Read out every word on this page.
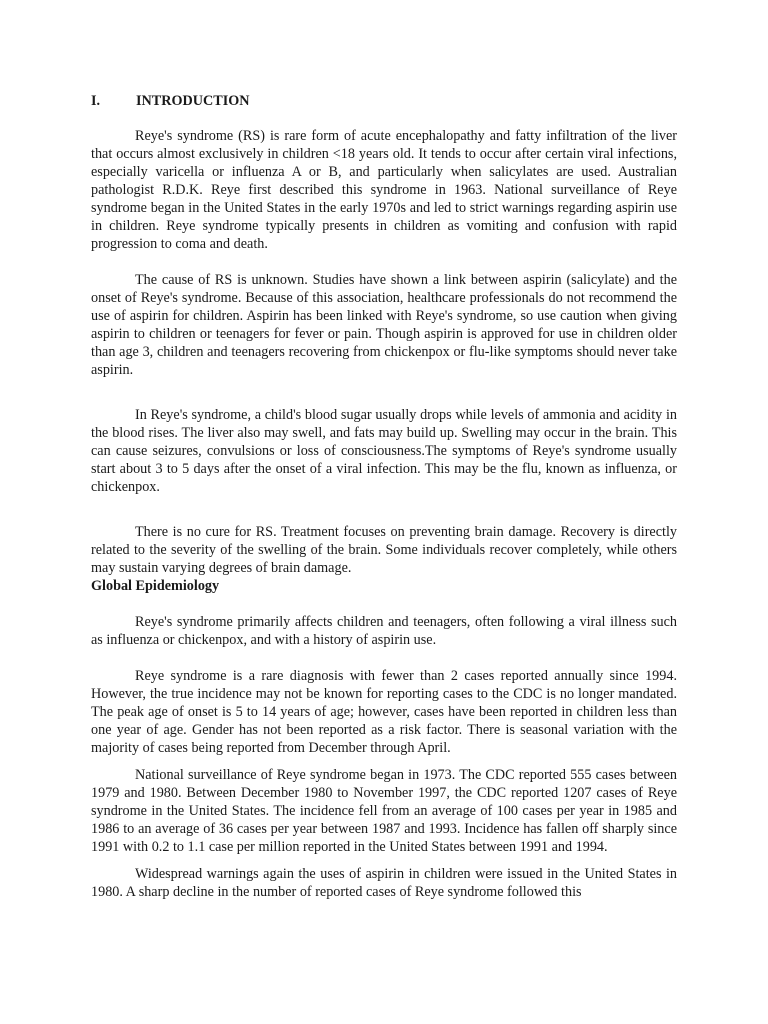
I.	INTRODUCTION

Reye's syndrome (RS) is rare form of acute encephalopathy and fatty infiltration of the liver that occurs almost exclusively in children <18 years old. It tends to occur after certain viral infections, especially varicella or influenza A or B, and particularly when salicylates are used. Australian pathologist R.D.K. Reye first described this syndrome in 1963. National surveillance of Reye syndrome began in the United States in the early 1970s and led to strict warnings regarding aspirin use in children. Reye syndrome typically presents in children as vomiting and confusion with rapid progression to coma and death.

The cause of RS is unknown. Studies have shown a link between aspirin (salicylate) and the onset of Reye's syndrome. Because of this association, healthcare professionals do not recommend the use of aspirin for children. Aspirin has been linked with Reye's syndrome, so use caution when giving aspirin to children or teenagers for fever or pain. Though aspirin is approved for use in children older than age 3, children and teenagers recovering from chickenpox or flu-like symptoms should never take aspirin.

In Reye's syndrome, a child's blood sugar usually drops while levels of ammonia and acidity in the blood rises. The liver also may swell, and fats may build up. Swelling may occur in the brain. This can cause seizures, convulsions or loss of consciousness.The symptoms of Reye's syndrome usually start about 3 to 5 days after the onset of a viral infection. This may be the flu, known as influenza, or chickenpox.

There is no cure for RS. Treatment focuses on preventing brain damage. Recovery is directly related to the severity of the swelling of the brain. Some individuals recover completely, while others may sustain varying degrees of brain damage.

Global Epidemiology

Reye's syndrome primarily affects children and teenagers, often following a viral illness such as influenza or chickenpox, and with a history of aspirin use.

Reye syndrome is a rare diagnosis with fewer than 2 cases reported annually since 1994. However, the true incidence may not be known for reporting cases to the CDC is no longer mandated. The peak age of onset is 5 to 14 years of age; however, cases have been reported in children less than one year of age. Gender has not been reported as a risk factor. There is seasonal variation with the majority of cases being reported from December through April.

National surveillance of Reye syndrome began in 1973. The CDC reported 555 cases between 1979 and 1980. Between December 1980 to November 1997, the CDC reported 1207 cases of Reye syndrome in the United States. The incidence fell from an average of 100 cases per year in 1985 and 1986 to an average of 36 cases per year between 1987 and 1993. Incidence has fallen off sharply since 1991 with 0.2 to 1.1 case per million reported in the United States between 1991 and 1994.

Widespread warnings again the uses of aspirin in children were issued in the United States in 1980. A sharp decline in the number of reported cases of Reye syndrome followed this
